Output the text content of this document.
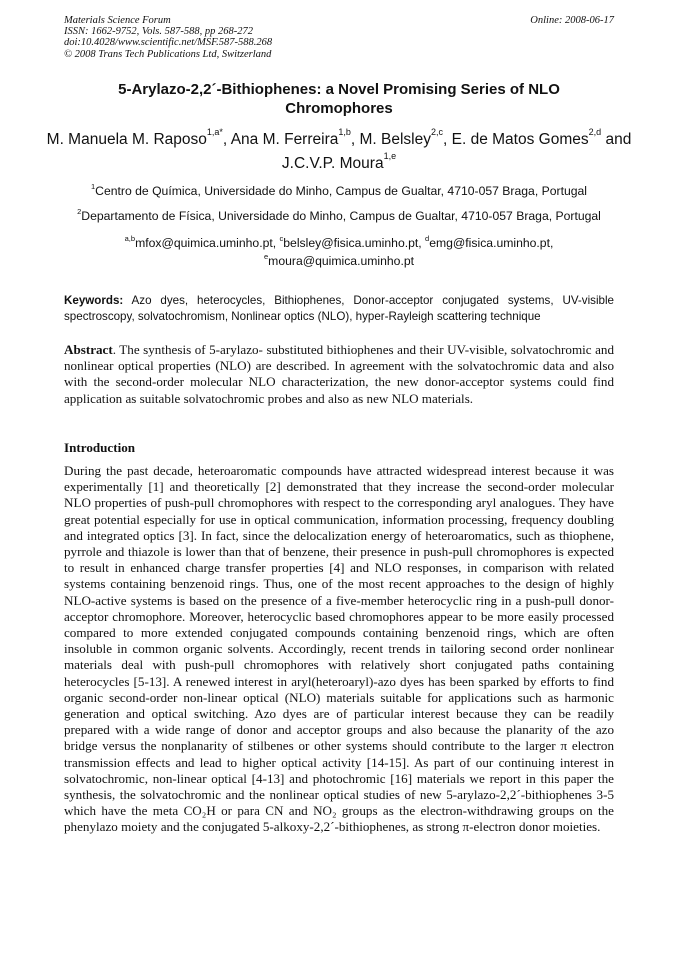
Materials Science Forum
ISSN: 1662-9752, Vols. 587-588, pp 268-272
doi:10.4028/www.scientific.net/MSF.587-588.268
© 2008 Trans Tech Publications Ltd, Switzerland
Online: 2008-06-17
5-Arylazo-2,2´-Bithiophenes: a Novel Promising Series of NLO Chromophores
M. Manuela M. Raposo$^{1,a*}$, Ana M. Ferreira$^{1,b}$, M. Belsley$^{2,c}$, E. de Matos Gomes$^{2,d}$ and J.C.V.P. Moura$^{1,e}$
$^1$Centro de Química, Universidade do Minho, Campus de Gualtar, 4710-057 Braga, Portugal
$^2$Departamento de Física, Universidade do Minho, Campus de Gualtar, 4710-057 Braga, Portugal
$^{a,b}$mfox@quimica.uminho.pt, $^c$belsley@fisica.uminho.pt, $^d$emg@fisica.uminho.pt,
$^e$moura@quimica.uminho.pt
Keywords: Azo dyes, heterocycles, Bithiophenes, Donor-acceptor conjugated systems, UV-visible spectroscopy, solvatochromism, Nonlinear optics (NLO), hyper-Rayleigh scattering technique
Abstract. The synthesis of 5-arylazo- substituted bithiophenes and their UV-visible, solvatochromic and nonlinear optical properties (NLO) are described. In agreement with the solvatochromic data and also with the second-order molecular NLO characterization, the new donor-acceptor systems could find application as suitable solvatochromic probes and also as new NLO materials.
Introduction
During the past decade, heteroaromatic compounds have attracted widespread interest because it was experimentally [1] and theoretically [2] demonstrated that they increase the second-order molecular NLO properties of push-pull chromophores with respect to the corresponding aryl analogues. They have great potential especially for use in optical communication, information processing, frequency doubling and integrated optics [3]. In fact, since the delocalization energy of heteroaromatics, such as thiophene, pyrrole and thiazole is lower than that of benzene, their presence in push-pull chromophores is expected to result in enhanced charge transfer properties [4] and NLO responses, in comparison with related systems containing benzenoid rings. Thus, one of the most recent approaches to the design of highly NLO-active systems is based on the presence of a five-member heterocyclic ring in a push-pull donor-acceptor chromophore. Moreover, heterocyclic based chromophores appear to be more easily processed compared to more extended conjugated compounds containing benzenoid rings, which are often insoluble in common organic solvents. Accordingly, recent trends in tailoring second order nonlinear materials deal with push-pull chromophores with relatively short conjugated paths containing heterocycles [5-13]. A renewed interest in aryl(heteroaryl)-azo dyes has been sparked by efforts to find organic second-order non-linear optical (NLO) materials suitable for applications such as harmonic generation and optical switching. Azo dyes are of particular interest because they can be readily prepared with a wide range of donor and acceptor groups and also because the planarity of the azo bridge versus the nonplanarity of stilbenes or other systems should contribute to the larger π electron transmission effects and lead to higher optical activity [14-15]. As part of our continuing interest in solvatochromic, non-linear optical [4-13] and photochromic [16] materials we report in this paper the synthesis, the solvatochromic and the nonlinear optical studies of new 5-arylazo-2,2´-bithiophenes 3-5 which have the meta CO₂H or para CN and NO₂ groups as the electron-withdrawing groups on the phenylazo moiety and the conjugated 5-alkoxy-2,2´-bithiophenes, as strong π-electron donor moieties.
